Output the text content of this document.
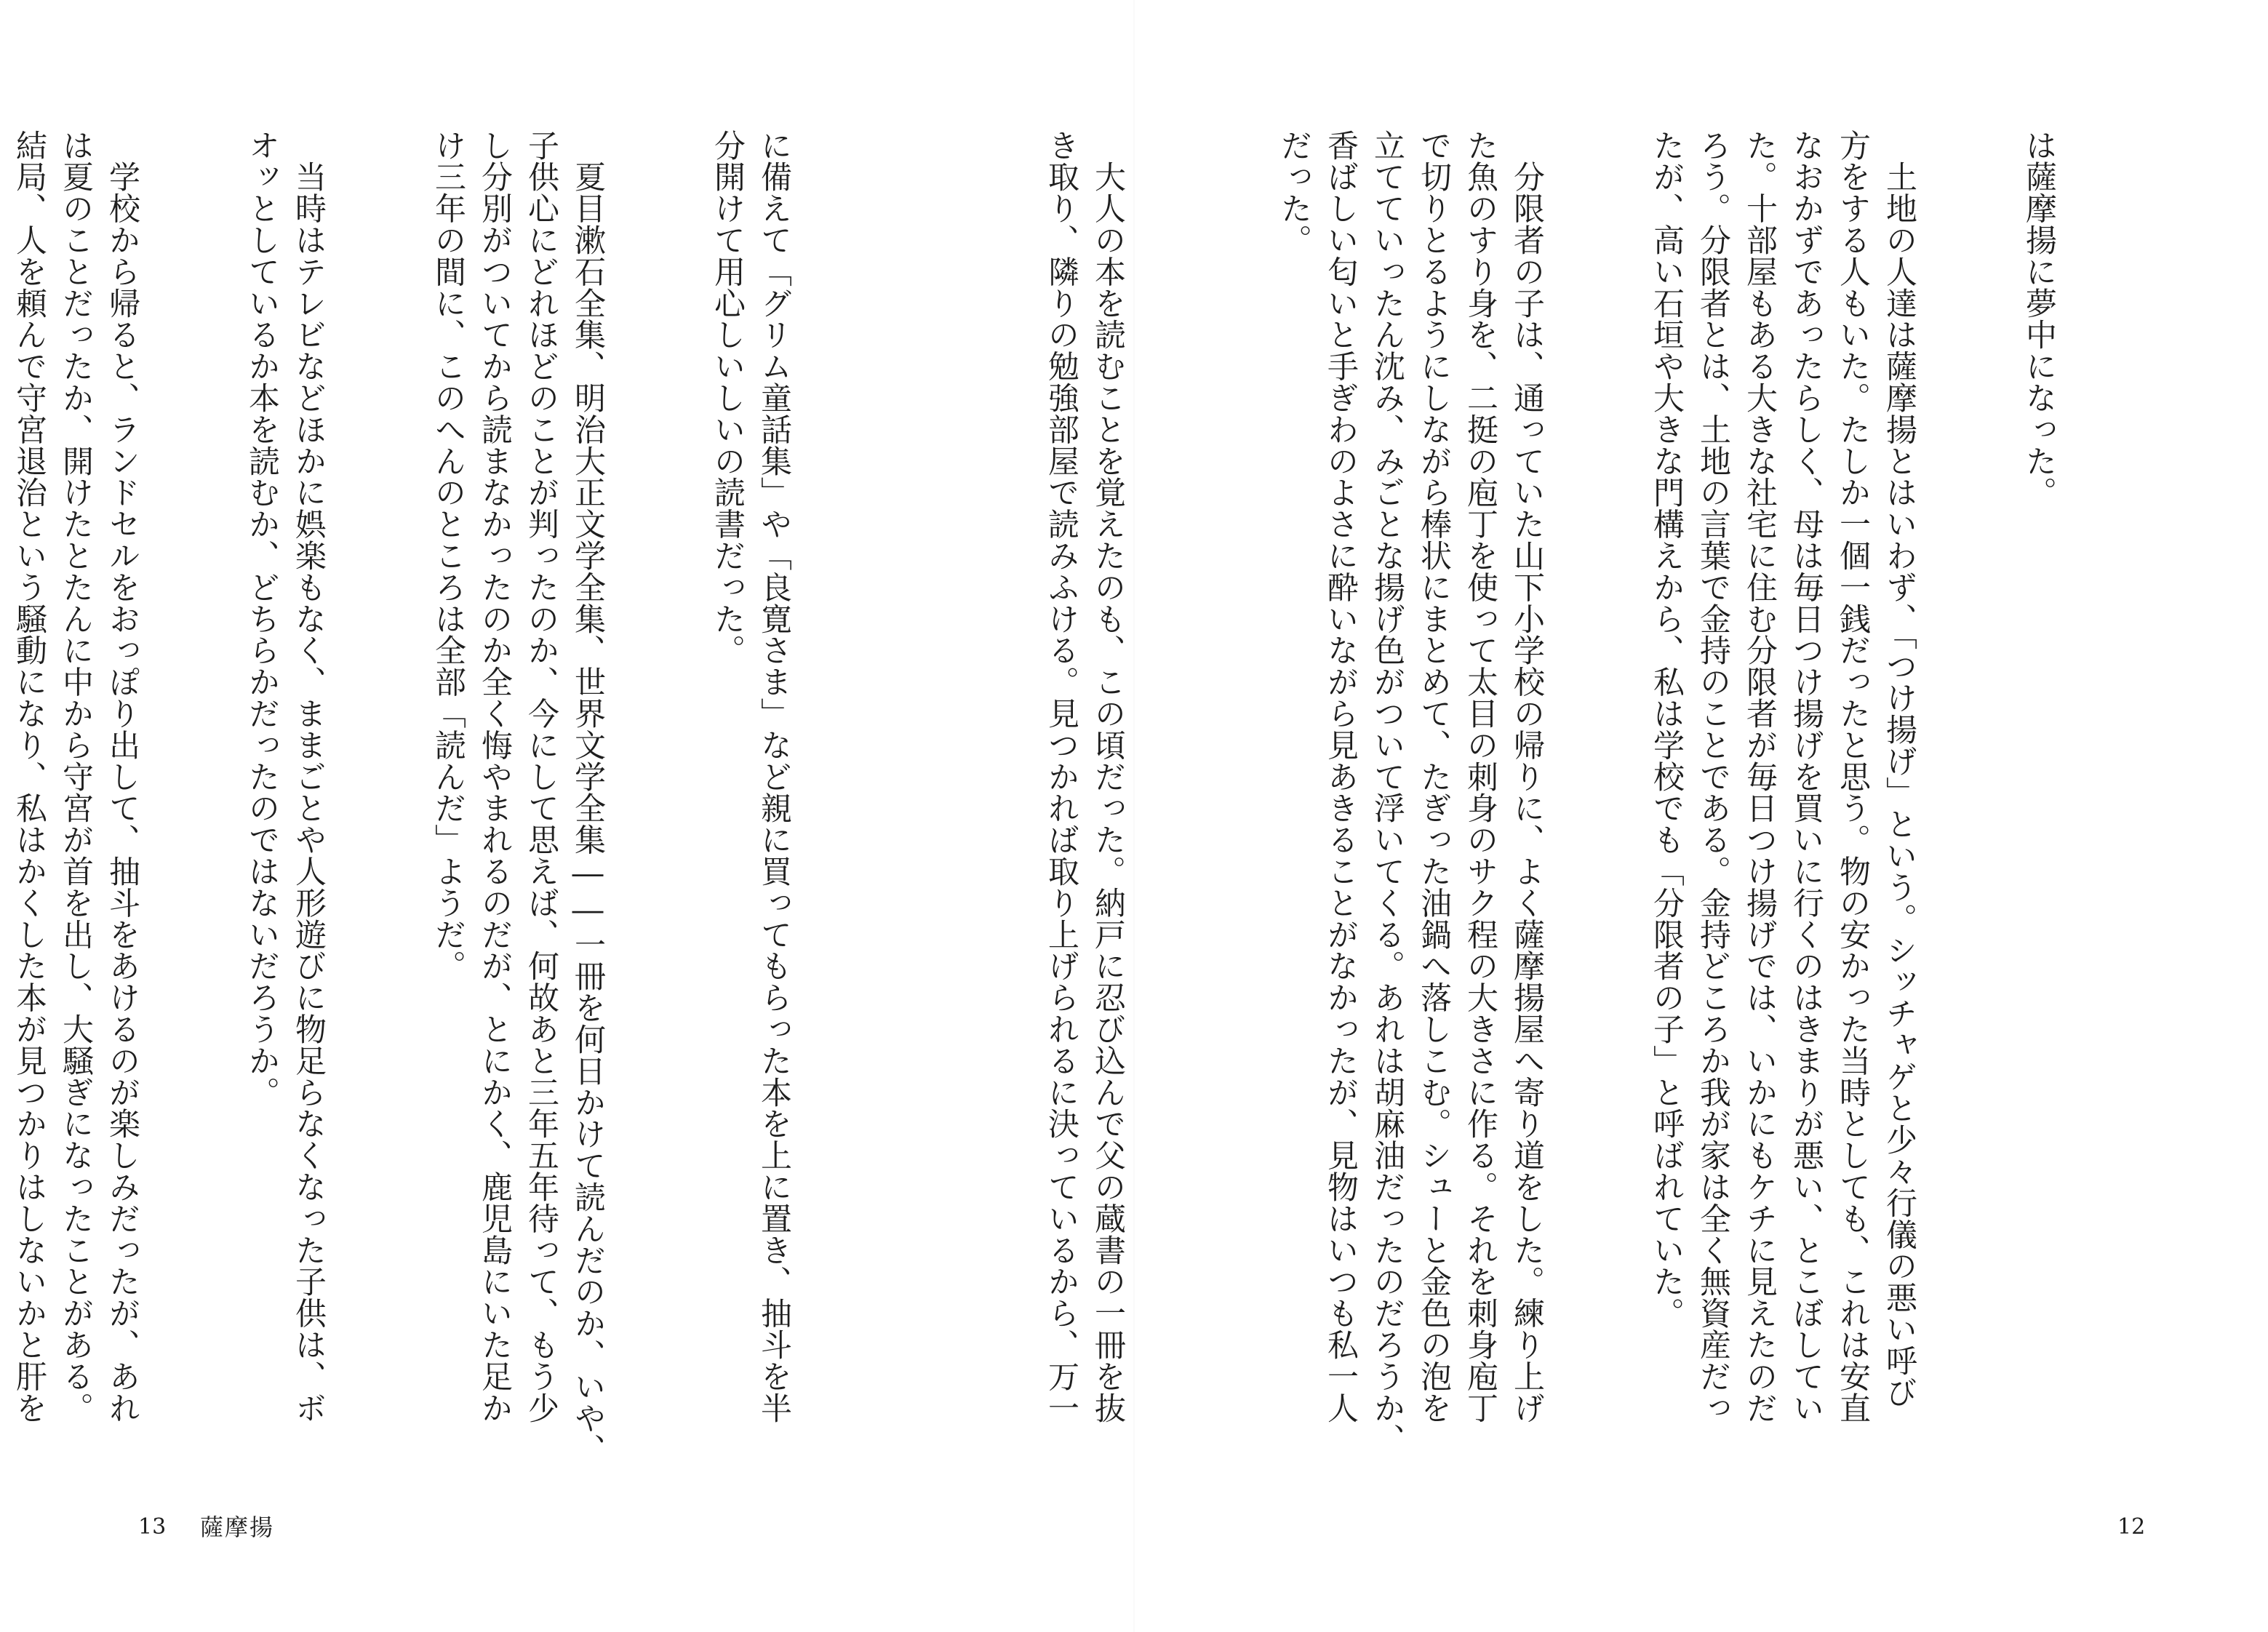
は薩摩揚に夢中になった。

　土地の人達は薩摩揚とはいわず、「つけ揚げ」という。シッチャゲと少々行儀の悪い呼び
方をする人もいた。たしか一個一銭だったと思う。物の安かった当時としても、これは安直
なおかずであったらしく、母は毎日つけ揚げを買いに行くのはきまりが悪い、とこぼしてい
た。十部屋もある大きな社宅に住む分限者が毎日つけ揚げでは、いかにもケチに見えたのだ
ろう。分限者とは、土地の言葉で金持のことである。金持どころか我が家は全く無資産だっ
たが、高い石垣や大きな門構えから、私は学校でも「分限者の子」と呼ばれていた。

　分限者の子は、通っていた山下小学校の帰りに、よく薩摩揚屋へ寄り道をした。練り上げ
た魚のすり身を、二挺の庖丁を使って太目の刺身のサク程の大きさに作る。それを刺身庖丁
で切りとるようにしながら棒状にまとめて、たぎった油鍋へ落しこむ。シューと金色の泡を
立てていったん沈み、みごとな揚げ色がついて浮いてくる。あれは胡麻油だったのだろうか、
香ばしい匂いと手ぎわのよさに酔いながら見あきることがなかったが、見物はいつも私一人
だった。

　大人の本を読むことを覚えたのも、この頃だった。納戸に忍び込んで父の蔵書の一冊を抜
き取り、隣りの勉強部屋で読みふける。見つかれば取り上げられるに決っているから、万一

12

に備えて「グリム童話集」や「良寛さま」など親に買ってもらった本を上に置き、抽斗を半
分開けて用心しいしいの読書だった。

　夏目漱石全集、明治大正文学全集、世界文学全集――一冊を何日かけて読んだのか、いや、
子供心にどれほどのことが判ったのか、今にして思えば、何故あと三年五年待って、もう少
し分別がついてから読まなかったのか全く悔やまれるのだが、とにかく、鹿児島にいた足か
け三年の間に、このへんのところは全部「読んだ」ようだ。

　当時はテレビなどほかに娯楽もなく、ままごとや人形遊びに物足らなくなった子供は、ボ
オッとしているか本を読むか、どちらかだったのではないだろうか。

　学校から帰ると、ランドセルをおっぽり出して、抽斗をあけるのが楽しみだったが、あれ
は夏のことだったか、開けたとたんに中から守宮が首を出し、大騒ぎになったことがある。
結局、人を頼んで守宮退治という騒動になり、私はかくした本が見つかりはしないかと肝を

13 薩摩揚
